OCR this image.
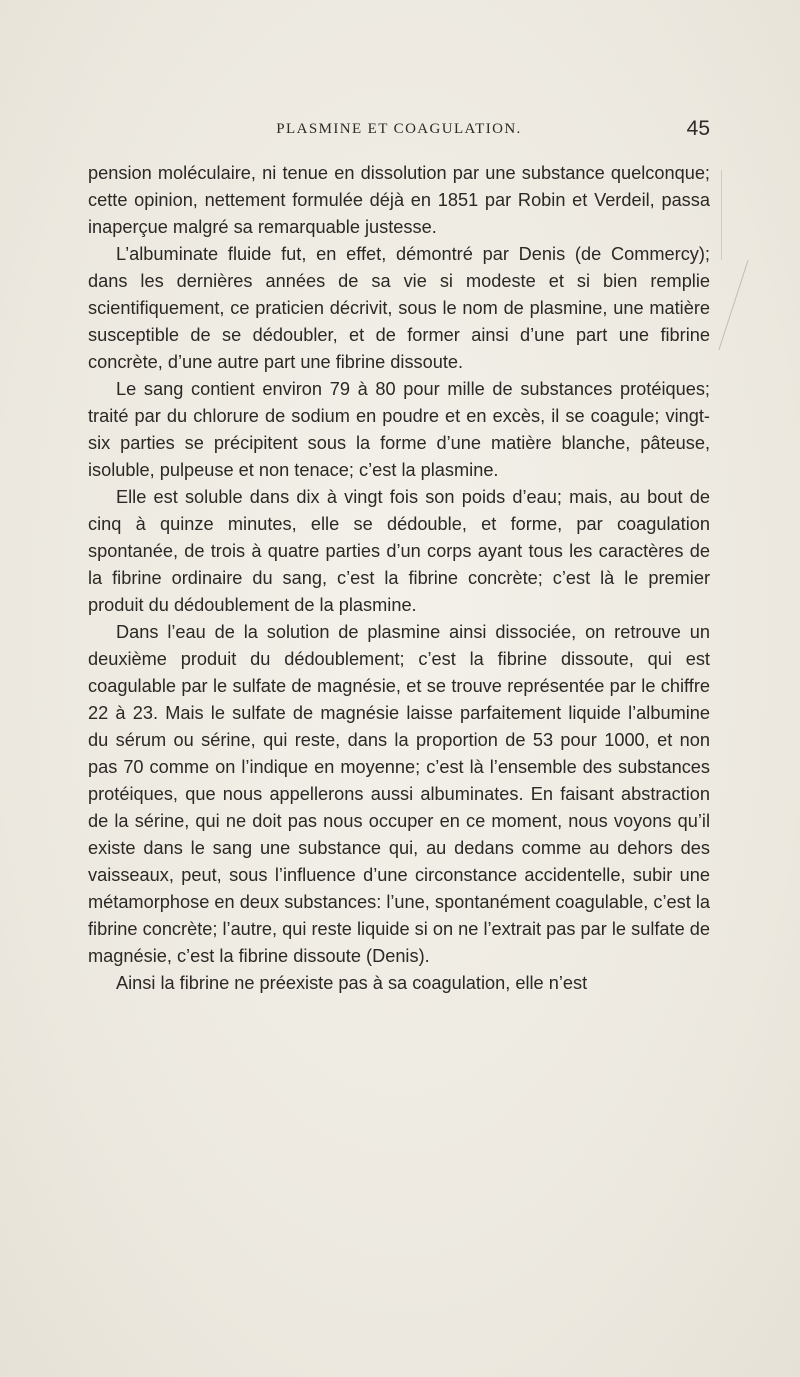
PLASMINE ET COAGULATION.	45

pension moléculaire, ni tenue en dissolution par une substance quelconque; cette opinion, nettement formulée déjà en 1851 par Robin et Verdeil, passa inaperçue malgré sa remarquable justesse.

L’albuminate fluide fut, en effet, démontré par Denis (de Commercy); dans les dernières années de sa vie si modeste et si bien remplie scientifiquement, ce praticien décrivit, sous le nom de plasmine, une matière susceptible de se dédoubler, et de former ainsi d’une part une fibrine concrète, d’une autre part une fibrine dissoute.

Le sang contient environ 79 à 80 pour mille de substances protéiques; traité par du chlorure de sodium en poudre et en excès, il se coagule; vingt-six parties se précipitent sous la forme d’une matière blanche, pâteuse, isoluble, pulpeuse et non tenace; c’est la plasmine.

Elle est soluble dans dix à vingt fois son poids d’eau; mais, au bout de cinq à quinze minutes, elle se dédouble, et forme, par coagulation spontanée, de trois à quatre parties d’un corps ayant tous les caractères de la fibrine ordinaire du sang, c’est la fibrine concrète; c’est là le premier produit du dédoublement de la plasmine.

Dans l’eau de la solution de plasmine ainsi dissociée, on retrouve un deuxième produit du dédoublement; c’est la fibrine dissoute, qui est coagulable par le sulfate de magnésie, et se trouve représentée par le chiffre 22 à 23. Mais le sulfate de magnésie laisse parfaitement liquide l’albumine du sérum ou sérine, qui reste, dans la proportion de 53 pour 1000, et non pas 70 comme on l’indique en moyenne; c’est là l’ensemble des substances protéiques, que nous appellerons aussi albuminates. En faisant abstraction de la sérine, qui ne doit pas nous occuper en ce moment, nous voyons qu’il existe dans le sang une substance qui, au dedans comme au dehors des vaisseaux, peut, sous l’influence d’une circonstance accidentelle, subir une métamorphose en deux substances: l’une, spontanément coagulable, c’est la fibrine concrète; l’autre, qui reste liquide si on ne l’extrait pas par le sulfate de magnésie, c’est la fibrine dissoute (Denis).

Ainsi la fibrine ne préexiste pas à sa coagulation, elle n’est
